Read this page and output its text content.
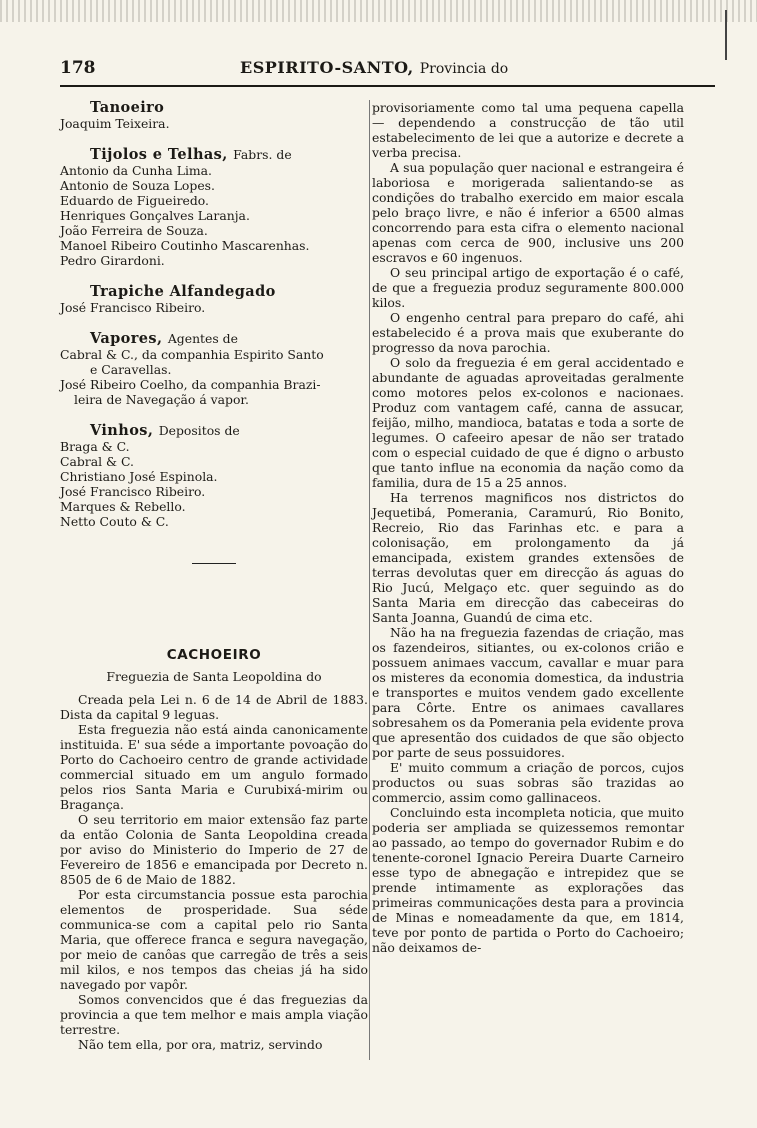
178	ESPIRITO-SANTO, Provincia do
Tanoeiro
Joaquim Teixeira.
Tijolos e Telhas, Fabrs. de
Antonio da Cunha Lima.
Antonio de Souza Lopes.
Eduardo de Figueiredo.
Henriques Gonçalves Laranja.
João Ferreira de Souza.
Manoel Ribeiro Coutinho Mascarenhas.
Pedro Girardoni.
Trapiche Alfandegado
José Francisco Ribeiro.
Vapores, Agentes de
Cabral & C., da companhia Espirito Santo
e Caravellas.
José Ribeiro Coelho, da companhia Brazi-
leira de Navegação á vapor.
Vinhos, Depositos de
Braga & C.
Cabral & C.
Christiano José Espinola.
José Francisco Ribeiro.
Marques & Rebello.
Netto Couto & C.
CACHOEIRO
Freguezia de Santa Leopoldina do

Creada pela Lei n. 6 de 14 de Abril de 1883. Dista da capital 9 leguas.

Esta freguezia não está ainda canonicamente instituida. E' sua séde a importante povoação do Porto do Cachoeiro centro de grande actividade commercial situado em um angulo formado pelos rios Santa Maria e Curubixá-mirim ou Bragança.

O seu territorio em maior extensão faz parte da então Colonia de Santa Leopoldina creada por aviso do Ministerio do Imperio de 27 de Fevereiro de 1856 e emancipada por Decreto n. 8505 de 6 de Maio de 1882.

Por esta circumstancia possue esta parochia elementos de prosperidade. Sua séde communica-se com a capital pelo rio Santa Maria, que offerece franca e segura navegação, por meio de canôas que carregão de três a seis mil kilos, e nos tempos das cheias já ha sido navegado por vapôr.

Somos convencidos que é das freguezias da provincia a que tem melhor e mais ampla viação terrestre.

Não tem ella, por ora, matriz, servindo

provisoriamente como tal uma pequena capella — dependendo a construcção de tão util estabelecimento de lei que a autorize e decrete a verba precisa.

A sua população quer nacional e estrangeira é laboriosa e morigerada salientando-se as condições do trabalho exercido em maior escala pelo braço livre, e não é inferior a 6500 almas concorrendo para esta cifra o elemento nacional apenas com cerca de 900, inclusive uns 200 escravos e 60 ingenuos.

O seu principal artigo de exportação é o café, de que a freguezia produz seguramente 800.000 kilos.

O engenho central para preparo do café, ahi estabelecido é a prova mais que exuberante do progresso da nova parochia.

O solo da freguezia é em geral accidentado e abundante de aguadas aproveitadas geralmente como motores pelos ex-colonos e nacionaes. Produz com vantagem café, canna de assucar, feijão, milho, mandioca, batatas e toda a sorte de legumes. O cafeeiro apesar de não ser tratado com o especial cuidado de que é digno o arbusto que tanto influe na economia da nação como da familia, dura de 15 a 25 annos.

Ha terrenos magnificos nos districtos do Jequetibá, Pomerania, Caramurú, Rio Bonito, Recreio, Rio das Farinhas etc. e para a colonisação, em prolongamento da já emancipada, existem grandes extensões de terras devolutas quer em direcção ás aguas do Rio Jucú, Melgaço etc. quer seguindo as do Santa Maria em direcção das cabeceiras do Santa Joanna, Guandú de cima etc.

Não ha na freguezia fazendas de criação, mas os fazendeiros, sitiantes, ou ex-colonos crião e possuem animaes vaccum, cavallar e muar para os misteres da economia domestica, da industria e transportes e muitos vendem gado excellente para Côrte. Entre os animaes cavallares sobresahem os da Pomerania pela evidente prova que apresentão dos cuidados de que são objecto por parte de seus possuidores.

E' muito commum a criação de porcos, cujos productos ou suas sobras são trazidas ao commercio, assim como gallinaceos.

Concluindo esta incompleta noticia, que muito poderia ser ampliada se quizessemos remontar ao passado, ao tempo do governador Rubim e do tenente-coronel Ignacio Pereira Duarte Carneiro esse typo de abnegação e intrepidez que se prende intimamente as explorações das primeiras communicações desta para a provincia de Minas e nomeadamente da que, em 1814, teve por ponto de partida o Porto do Cachoeiro; não deixamos de-
